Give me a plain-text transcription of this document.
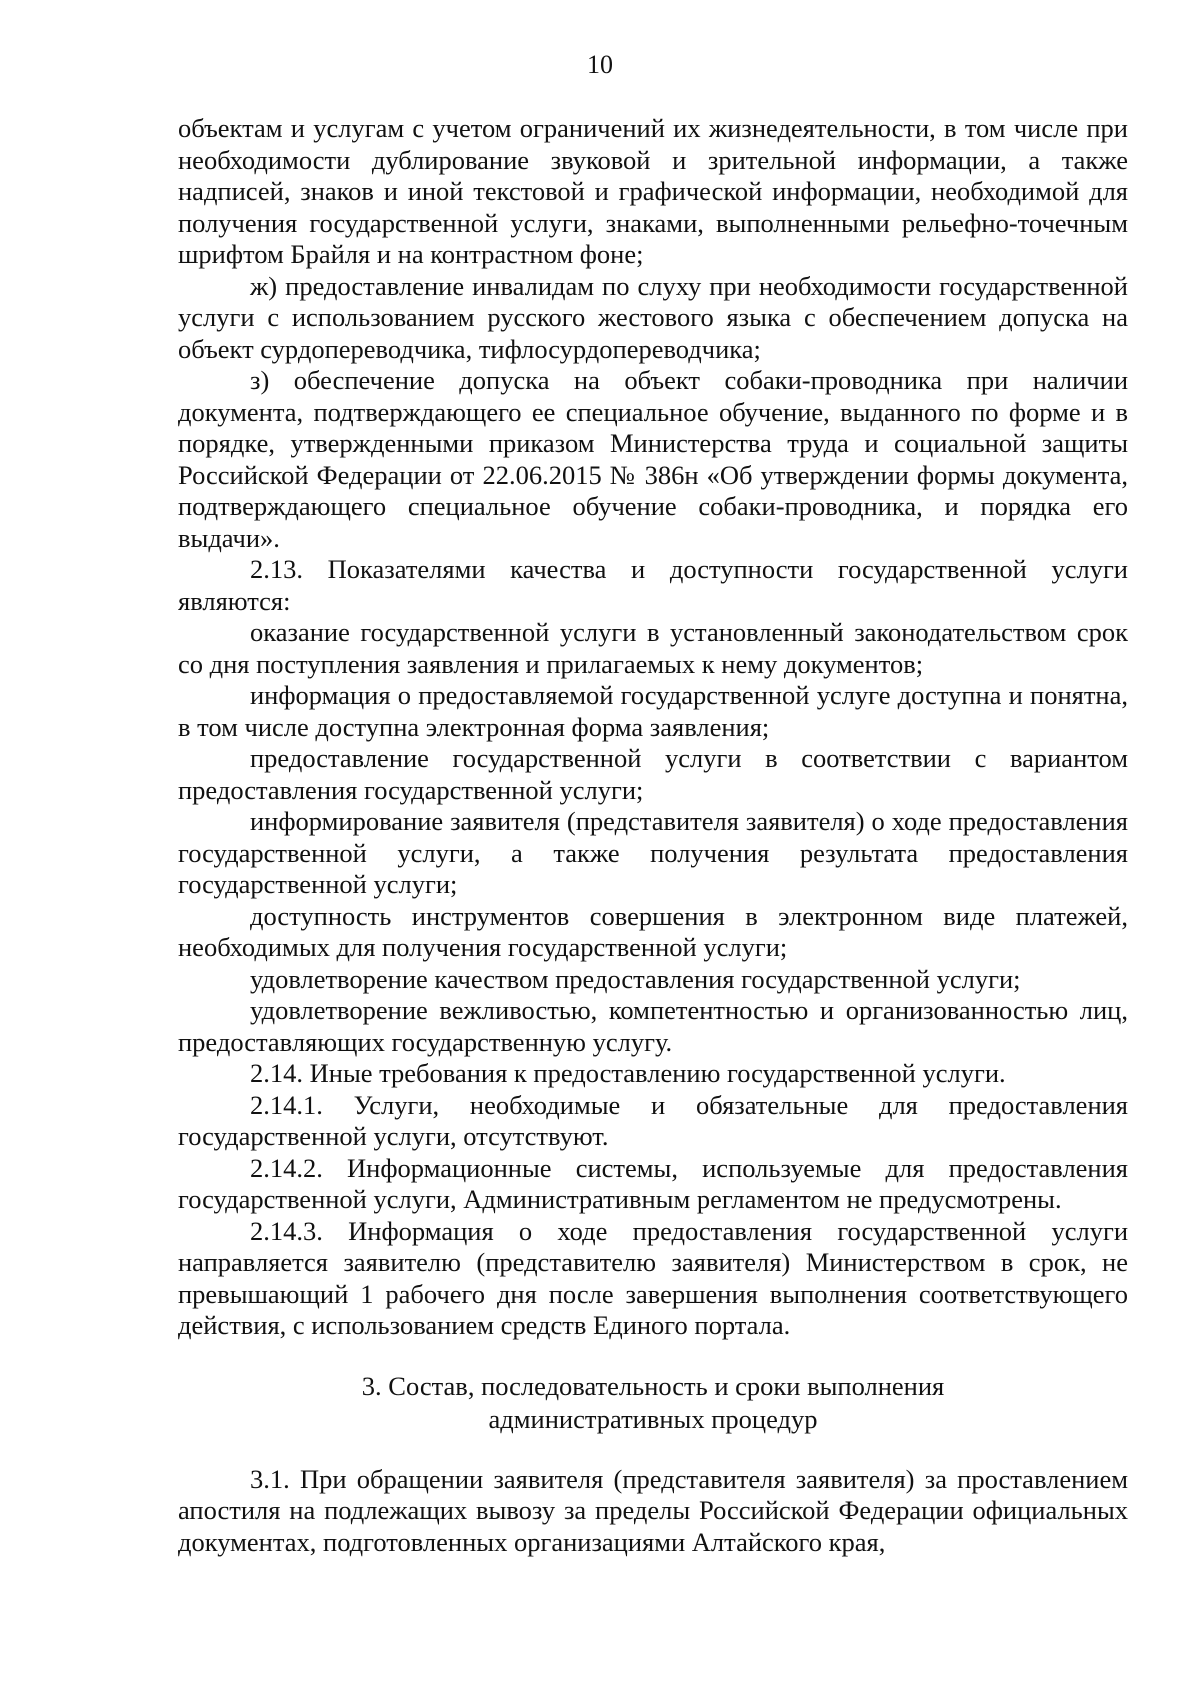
10

объектам и услугам с учетом ограничений их жизнедеятельности, в том числе при необходимости дублирование звуковой и зрительной информации, а также надписей, знаков и иной текстовой и графической информации, необходимой для получения государственной услуги, знаками, выполненными рельефно-точечным шрифтом Брайля и на контрастном фоне;

ж) предоставление инвалидам по слуху при необходимости государственной услуги с использованием русского жестового языка с обеспечением допуска на объект сурдопереводчика, тифлосурдопереводчика;

з) обеспечение допуска на объект собаки-проводника при наличии документа, подтверждающего ее специальное обучение, выданного по форме и в порядке, утвержденными приказом Министерства труда и социальной защиты Российской Федерации от 22.06.2015 № 386н «Об утверждении формы документа, подтверждающего специальное обучение собаки-проводника, и порядка его выдачи».

2.13. Показателями качества и доступности государственной услуги являются:

оказание государственной услуги в установленный законодательством срок со дня поступления заявления и прилагаемых к нему документов;

информация о предоставляемой государственной услуге доступна и понятна, в том числе доступна электронная форма заявления;

предоставление государственной услуги в соответствии с вариантом предоставления государственной услуги;

информирование заявителя (представителя заявителя) о ходе предоставления государственной услуги, а также получения результата предоставления государственной услуги;

доступность инструментов совершения в электронном виде платежей, необходимых для получения государственной услуги;

удовлетворение качеством предоставления государственной услуги;

удовлетворение вежливостью, компетентностью и организованностью лиц, предоставляющих государственную услугу.

2.14. Иные требования к предоставлению государственной услуги.

2.14.1. Услуги, необходимые и обязательные для предоставления государственной услуги, отсутствуют.

2.14.2. Информационные системы, используемые для предоставления государственной услуги, Административным регламентом не предусмотрены.

2.14.3. Информация о ходе предоставления государственной услуги направляется заявителю (представителю заявителя) Министерством в срок, не превышающий 1 рабочего дня после завершения выполнения соответствующего действия, с использованием средств Единого портала.

3. Состав, последовательность и сроки выполнения
административных процедур

3.1. При обращении заявителя (представителя заявителя) за проставлением апостиля на подлежащих вывозу за пределы Российской Федерации официальных документах, подготовленных организациями Алтайского края,
